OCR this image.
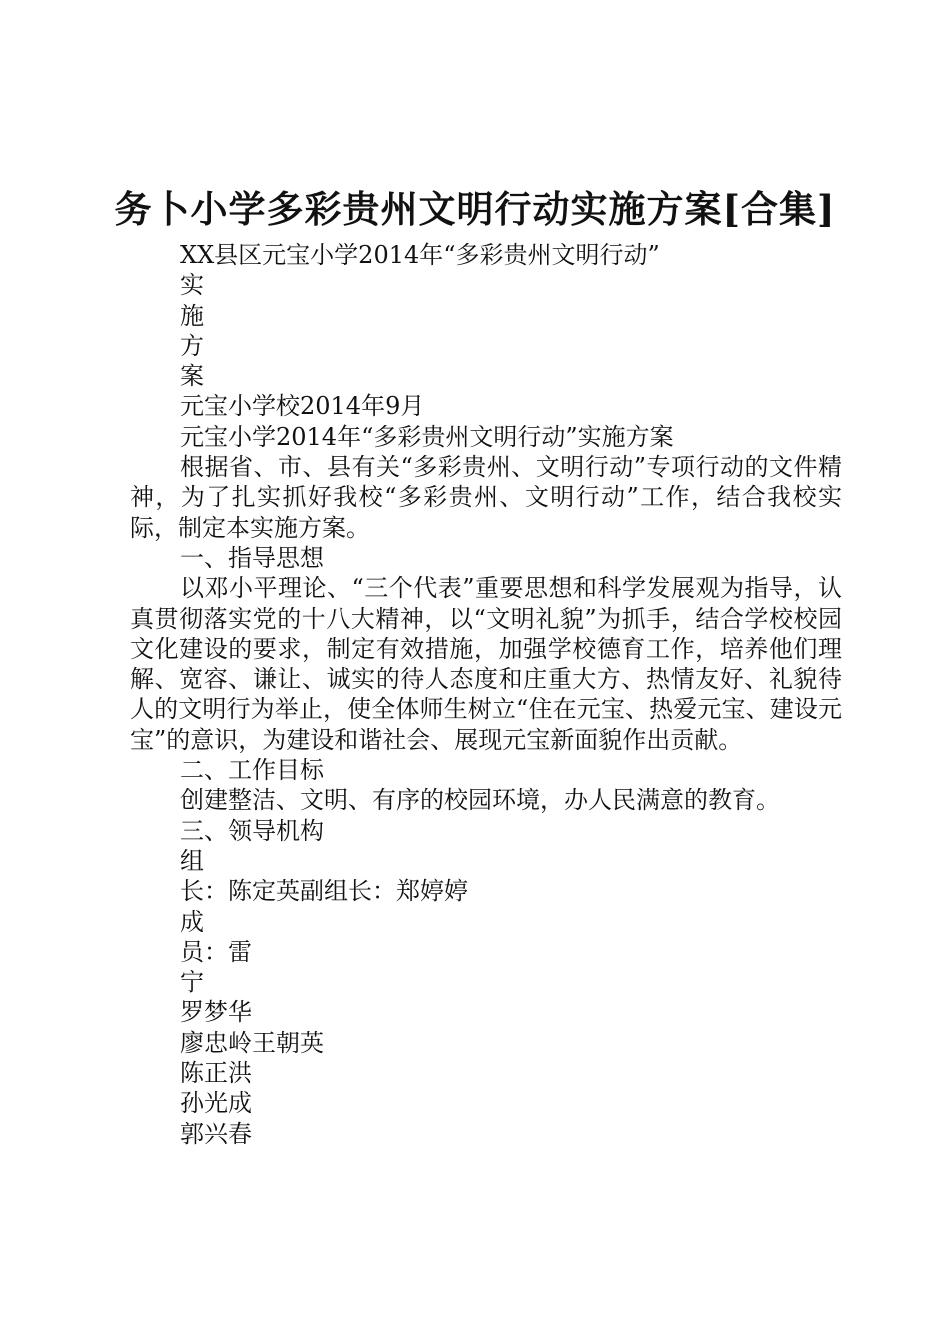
务卜小学多彩贵州文明行动实施方案[合集]
XX县区元宝小学2014年“多彩贵州文明行动”
实
施
方
案
元宝小学校2014年9月
元宝小学2014年“多彩贵州文明行动”实施方案
根据省、市、县有关“多彩贵州、文明行动”专项行动的文件精神，为了扎实抓好我校“多彩贵州、文明行动”工作，结合我校实际，制定本实施方案。
一、指导思想
以邓小平理论、“三个代表”重要思想和科学发展观为指导，认真贯彻落实党的十八大精神，以“文明礼貌”为抓手，结合学校校园文化建设的要求，制定有效措施，加强学校德育工作，培养他们理解、宽容、谦让、诚实的待人态度和庄重大方、热情友好、礼貌待人的文明行为举止，使全体师生树立“住在元宝、热爱元宝、建设元宝”的意识，为建设和谐社会、展现元宝新面貌作出贡献。
二、工作目标
创建整洁、文明、有序的校园环境，办人民满意的教育。
三、领导机构
组
长：陈定英副组长：郑婷婷
成
员：雷
宁
罗梦华
廖忠岭王朝英
陈正洪
孙光成
郭兴春
